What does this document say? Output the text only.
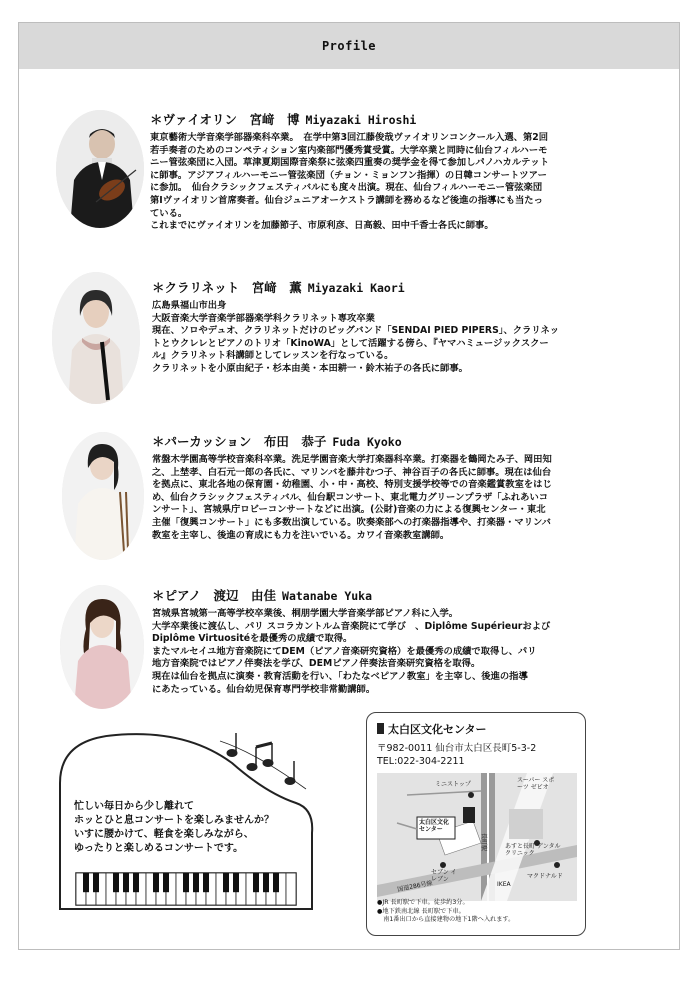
Profile
＊ヴァイオリン　宮﨑　博 Miyazaki Hiroshi
東京藝術大学音楽学部器楽科卒業。　在学中第3回江藤俊哉ヴァイオリンコンクール入選、第2回
若手奏者のためのコンペティション室内楽部門優秀賞受賞。大学卒業と同時に仙台フィルハーモ
ニー管弦楽団に入団。草津夏期国際音楽祭に弦楽四重奏の奨学金を得て参加しパノハカルテット
に師事。アジアフィルハーモニー管弦楽団（チョン・ミョンフン指揮）の日韓コンサートツアー
に参加。　仙台クラシックフェスティバルにも度々出演。現在、仙台フィルハーモニー管弦楽団
第Ⅰヴァイオリン首席奏者。仙台ジュニアオーケストラ講師を務めるなど後進の指導にも当たっ
ている。
これまでにヴァイオリンを加藤節子、市原利彦、日高毅、田中千香士各氏に師事。
＊クラリネット　宮﨑　薫 Miyazaki Kaori
広島県福山市出身
大阪音楽大学音楽学部器楽学科クラリネット専攻卒業
現在、ソロやデュオ、クラリネットだけのビッグバンド「SENDAI PIED PIPERS」、クラリネッ
トとウクレレとピアノのトリオ「KinoWA」として活躍する傍ら、『ヤマハミュージックスクー
ル』クラリネット科講師としてレッスンを行なっている。
クラリネットを小原由紀子・杉本由美・本田耕一・鈴木祐子の各氏に師事。
＊パーカッション　布田　恭子 Fuda Kyoko
常盤木学園高等学校音楽科卒業。洗足学園音楽大学打楽器科卒業。打楽器を鶴岡たみ子、岡田知
之、上埜孝、白石元一郎の各氏に、マリンバを藤井むつ子、神谷百子の各氏に師事。現在は仙台
を拠点に、東北各地の保育園・幼稚園、小・中・高校、特別支援学校等での音楽鑑賞教室をはじ
め、仙台クラシックフェスティバル、仙台駅コンサート、東北電力グリーンプラザ「ふれあいコ
ンサート」、宮城県庁ロビーコンサートなどに出演。(公財)音楽の力による復興センター・東北
主催「復興コンサート」にも多数出演している。吹奏楽部への打楽器指導や、打楽器・マリンバ
教室を主宰し、後進の育成にも力を注いでいる。カワイ音楽教室講師。
＊ピアノ　渡辺　由佳 Watanabe Yuka
宮城県宮城第一高等学校卒業後、桐朋学園大学音楽学部ピアノ科に入学。
大学卒業後に渡仏し、パリ スコラカントルム音楽院にて学び　、Diplôme Supérieurおよび
Diplôme Virtuositéを最優秀の成績で取得。
またマルセイユ地方音楽院にてDEM（ピアノ音楽研究資格）を最優秀の成績で取得し、パリ
地方音楽院ではピアノ伴奏法を学び、DEMピアノ伴奏法音楽研究資格を取得。
現在は仙台を拠点に演奏・教育活動を行い、「わたなベピアノ教室」を主宰し、後進の指導
にあたっている。仙台幼児保育専門学校非常勤講師。
忙しい毎日から少し離れて
ホッとひと息コンサートを楽しみませんか？
いすに腰かけて、軽食を楽しみながら、
ゆったりと楽しめるコンサートです。
太白区文化センター
〒982-0011 仙台市太白区長町5-3-2
TEL:022-304-2211
ミニストップ
スーパー スポーツ ゼビオ
太白区文化 センター
セブン イレブン
あすと長町 デンタルクリニック
IKEA
マクドナルド
国道286号線
長町駅
●JR 長町駅で下車。徒歩約3分。
●地下鉄南北線 長町駅で下車。
　南1番出口から直接建物の地下1階へ入れます。
